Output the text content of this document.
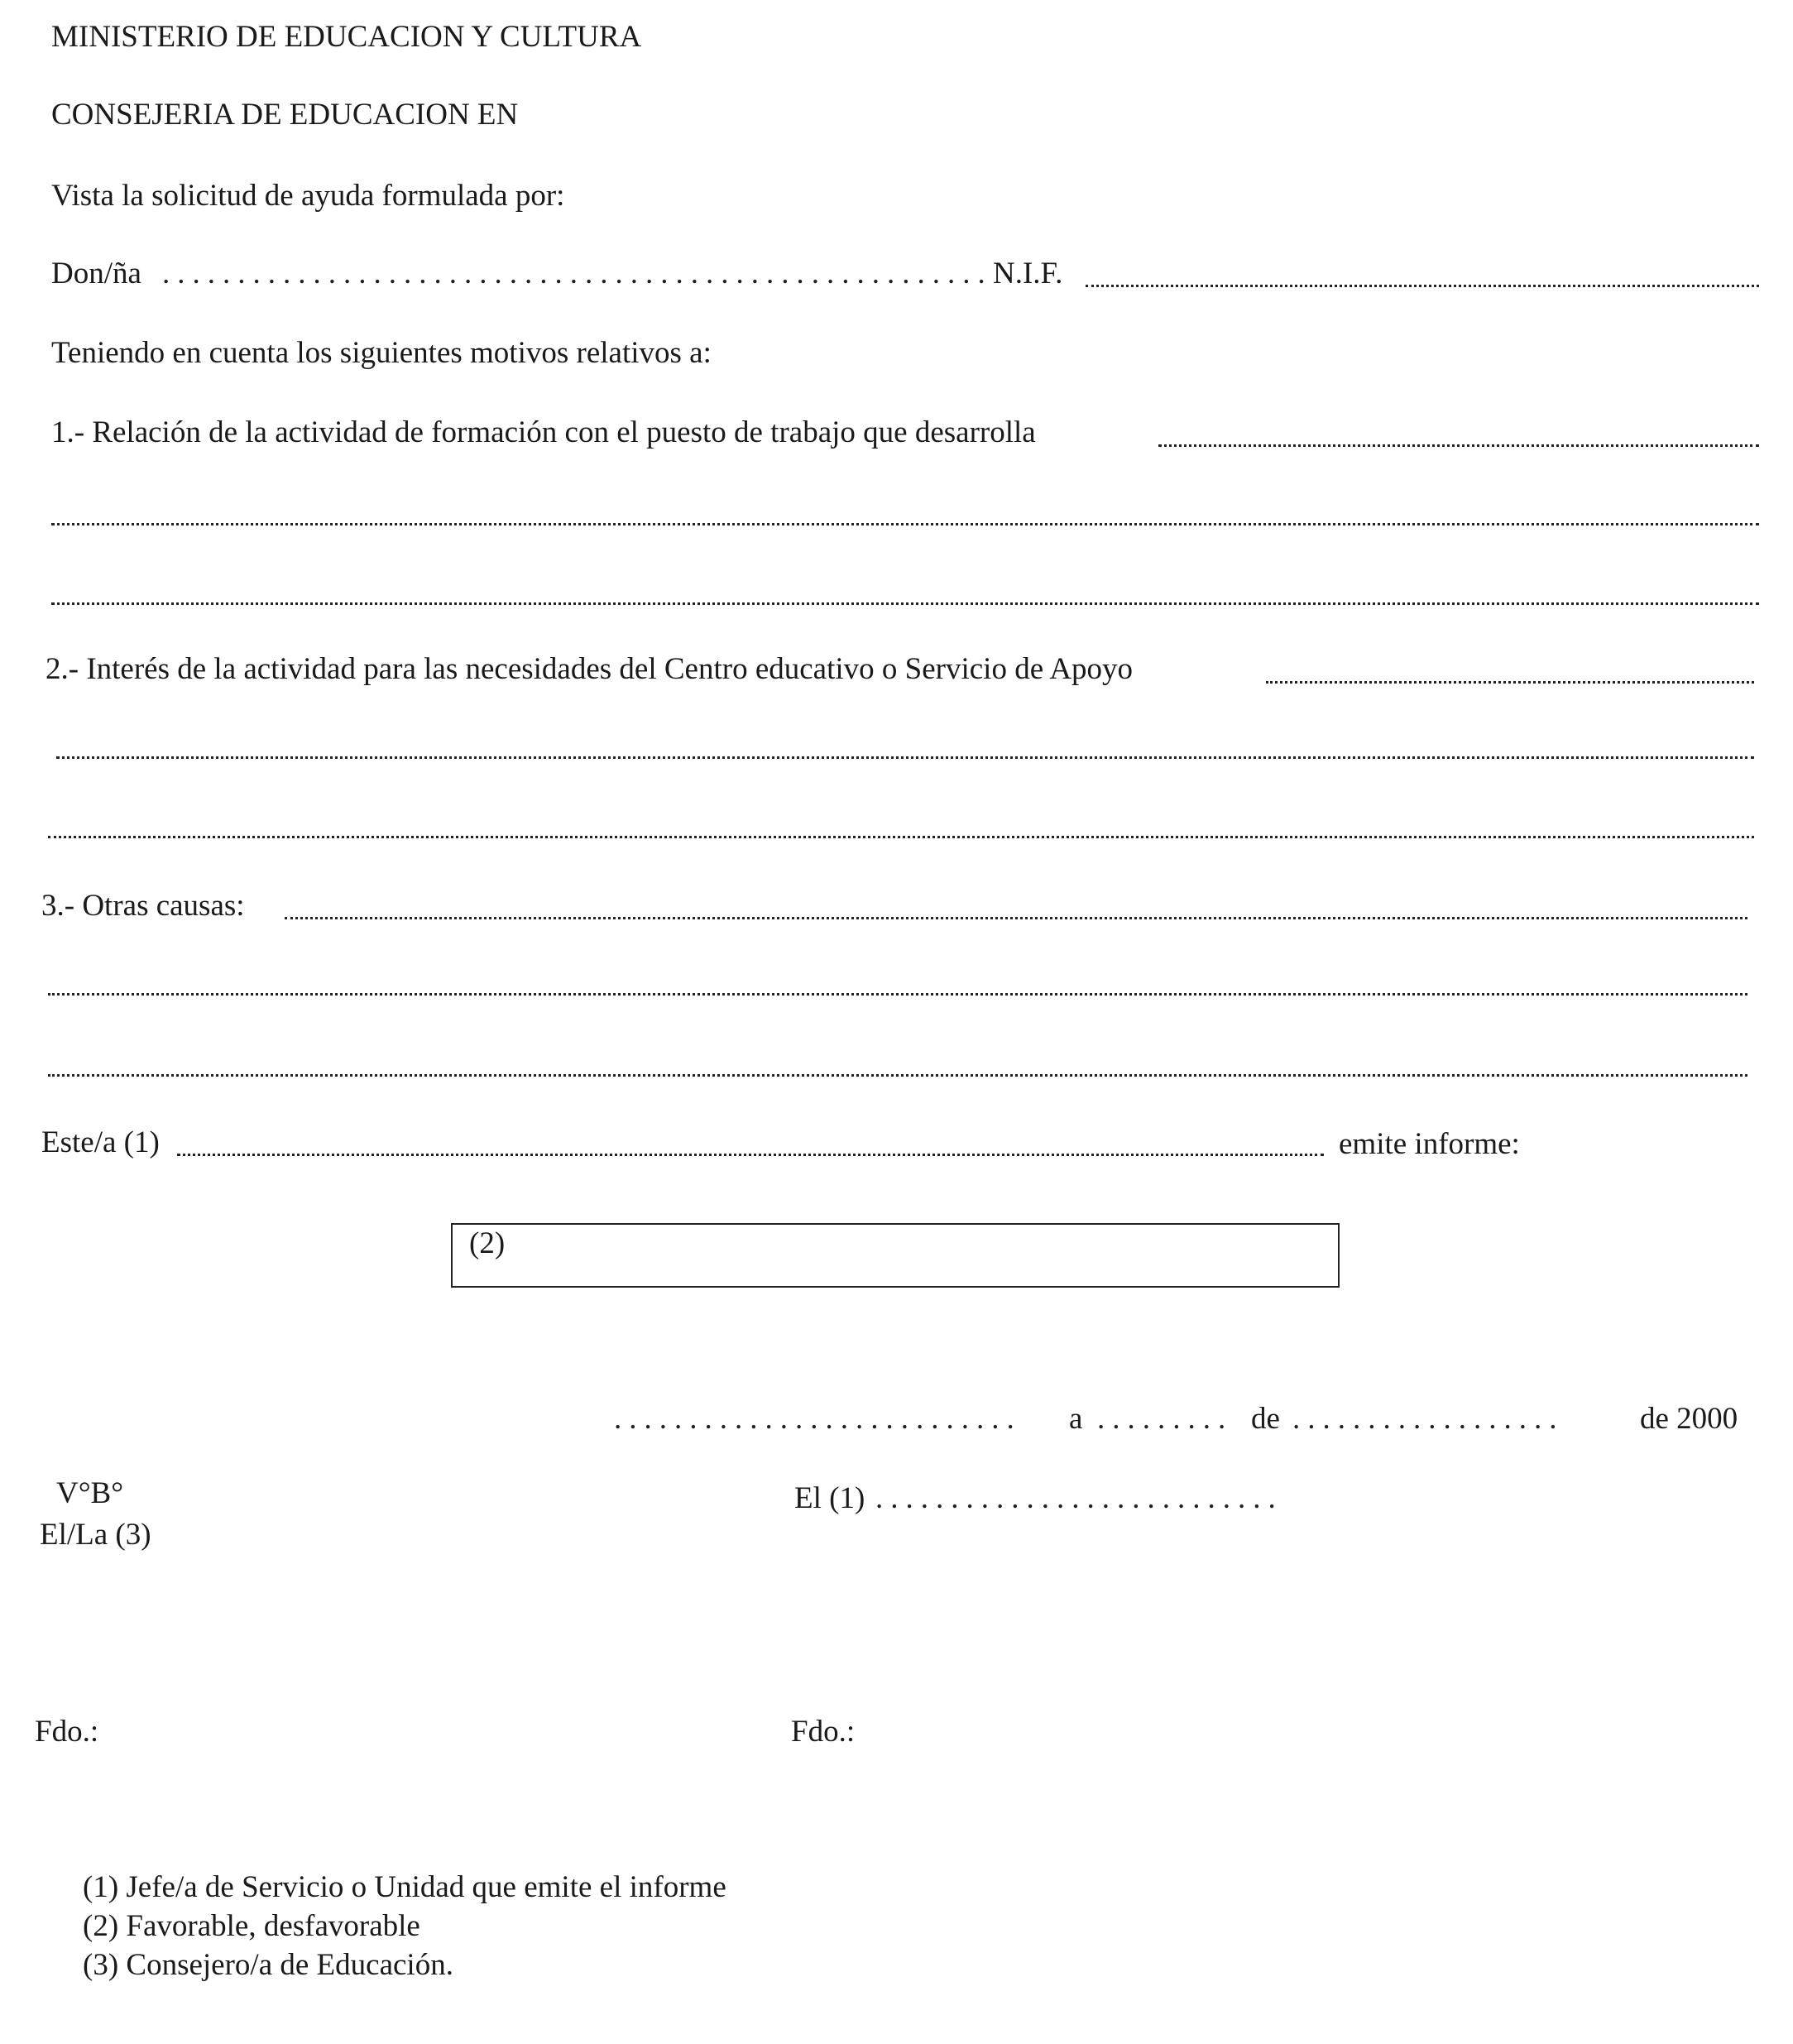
MINISTERIO DE EDUCACION Y CULTURA
CONSEJERIA DE EDUCACION EN
Vista la solicitud de ayuda formulada por:
Don/ña ....................................................... N.I.F.
Teniendo en cuenta los siguientes motivos relativos a:
1.- Relación de la actividad de formación con el puesto de trabajo que desarrolla
2.- Interés de la actividad para las necesidades del Centro educativo o Servicio de Apoyo
3.- Otras causas:
Este/a (1)	emite informe:
(2)
........................... a ......... de .................. de 2000
V°B°
El/La (3)
El (1) ...........................
Fdo.:	Fdo.:
(1) Jefe/a de Servicio o Unidad que emite el informe
(2) Favorable, desfavorable
(3) Consejero/a de Educación.
